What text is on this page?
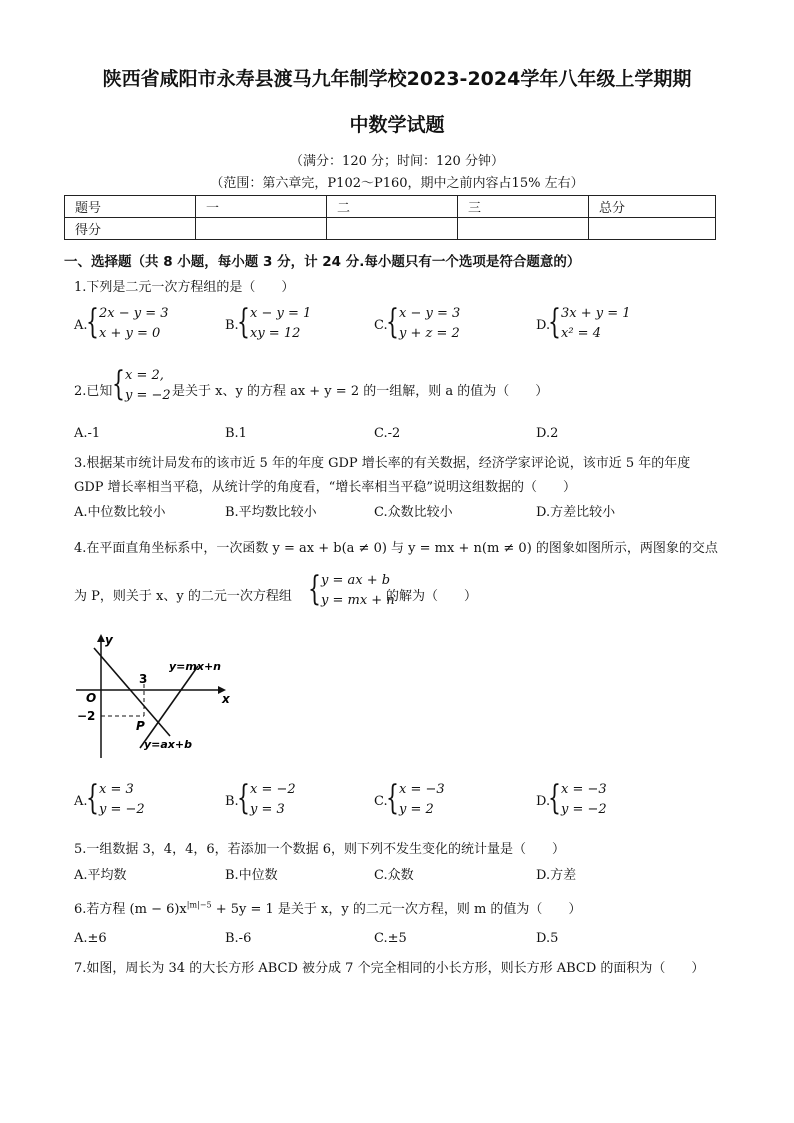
陕西省咸阳市永寿县渡马九年制学校2023-2024学年八年级上学期期
中数学试题
（满分：120 分；时间：120 分钟）
（范围：第六章完，P102～P160，期中之前内容占15% 左右）
题号	一	二	三	总分
得分				
一、选择题（共 8 小题，每小题 3 分，计 24 分.每小题只有一个选项是符合题意的）
1.下列是二元一次方程组的是（　　）
A.
{ 2x − y = 3
x + y = 0
B.
{ x − y = 1
xy = 12
C.
{ x − y = 3
y + z = 2
D.
{ 3x + y = 1
x² = 4
2.已知 { x = 2,
y = −2 是关于 x、y 的方程 ax + y = 2 的一组解，则 a 的值为（　　）
A.-1	B.1	C.-2	D.2
3.根据某市统计局发布的该市近 5 年的年度 GDP 增长率的有关数据，经济学家评论说，该市近 5 年的年度
GDP 增长率相当平稳，从统计学的角度看，“增长率相当平稳”说明这组数据的（　　）
A.中位数比较小	B.平均数比较小	C.众数比较小	D.方差比较小
4.在平面直角坐标系中，一次函数 y = ax + b(a ≠ 0) 与 y = mx + n(m ≠ 0) 的图象如图所示，两图象的交点
为 P，则关于 x、y 的二元一次方程组 { y = ax + b
y = mx + n
的解为（　　）
y
x
O
3
−2
P
y=mx+n
y=ax+b
A.
{ x = 3
y = −2
B.
{ x = −2
y = 3
C.
{ x = −3
y = 2
D.
{ x = −3
y = −2
5.一组数据 3，4，4，6，若添加一个数据 6，则下列不发生变化的统计量是（　　）
A.平均数	B.中位数	C.众数	D.方差
6.若方程 $(m - 6)x^{|m|-5} + 5y = 1$ 是关于 x，y 的二元一次方程，则 m 的值为（　　）
A.±6	B.-6	C.±5	D.5
7.如图，周长为 34 的大长方形 ABCD 被分成 7 个完全相同的小长方形，则长方形 ABCD 的面积为（　　）
